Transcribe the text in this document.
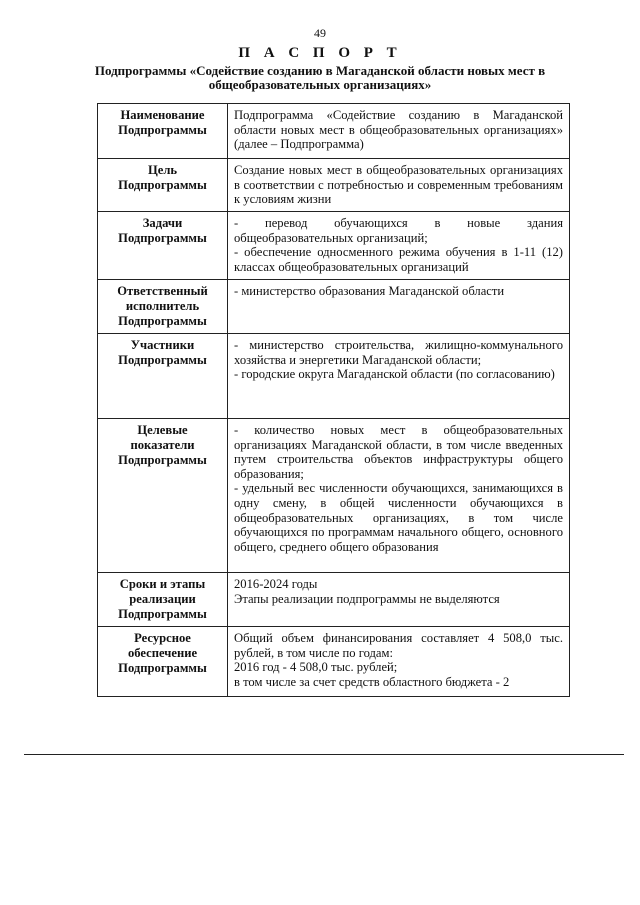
49
П А С П О Р Т
Подпрограммы «Содействие созданию в Магаданской области новых мест в общеобразовательных организациях»
Наименование Подпрограммы	Подпрограмма «Содействие созданию в Магаданской области новых мест в общеобразовательных организациях» (далее – Подпрограмма)

Цель Подпрограммы	Создание новых мест в общеобразовательных организациях в соответствии с потребностью и современным требованиям к условиям жизни

Задачи Подпрограммы	- перевод обучающихся в новые здания общеобразовательных организаций;
- обеспечение односменного режима обучения в 1-11 (12) классах общеобразовательных организаций

Ответственный исполнитель Подпрограммы	- министерство образования Магаданской области

Участники Подпрограммы	- министерство строительства, жилищно-коммунального хозяйства и энергетики Магаданской области;
- городские округа Магаданской области (по согласованию)

Целевые показатели Подпрограммы	- количество новых мест в общеобразовательных организациях Магаданской области, в том числе введенных путем строительства объектов инфраструктуры общего образования;
- удельный вес численности обучающихся, занимающихся в одну смену, в общей численности обучающихся в общеобразовательных организациях, в том числе обучающихся по программам начального общего, основного общего, среднего общего образования

Сроки и этапы реализации Подпрограммы	2016-2024 годы
Этапы реализации подпрограммы не выделяются

Ресурсное обеспечение Подпрограммы	Общий объем финансирования составляет 4 508,0 тыс. рублей, в том числе по годам:
2016 год - 4 508,0 тыс. рублей;
в том числе за счет средств областного бюджета - 2
